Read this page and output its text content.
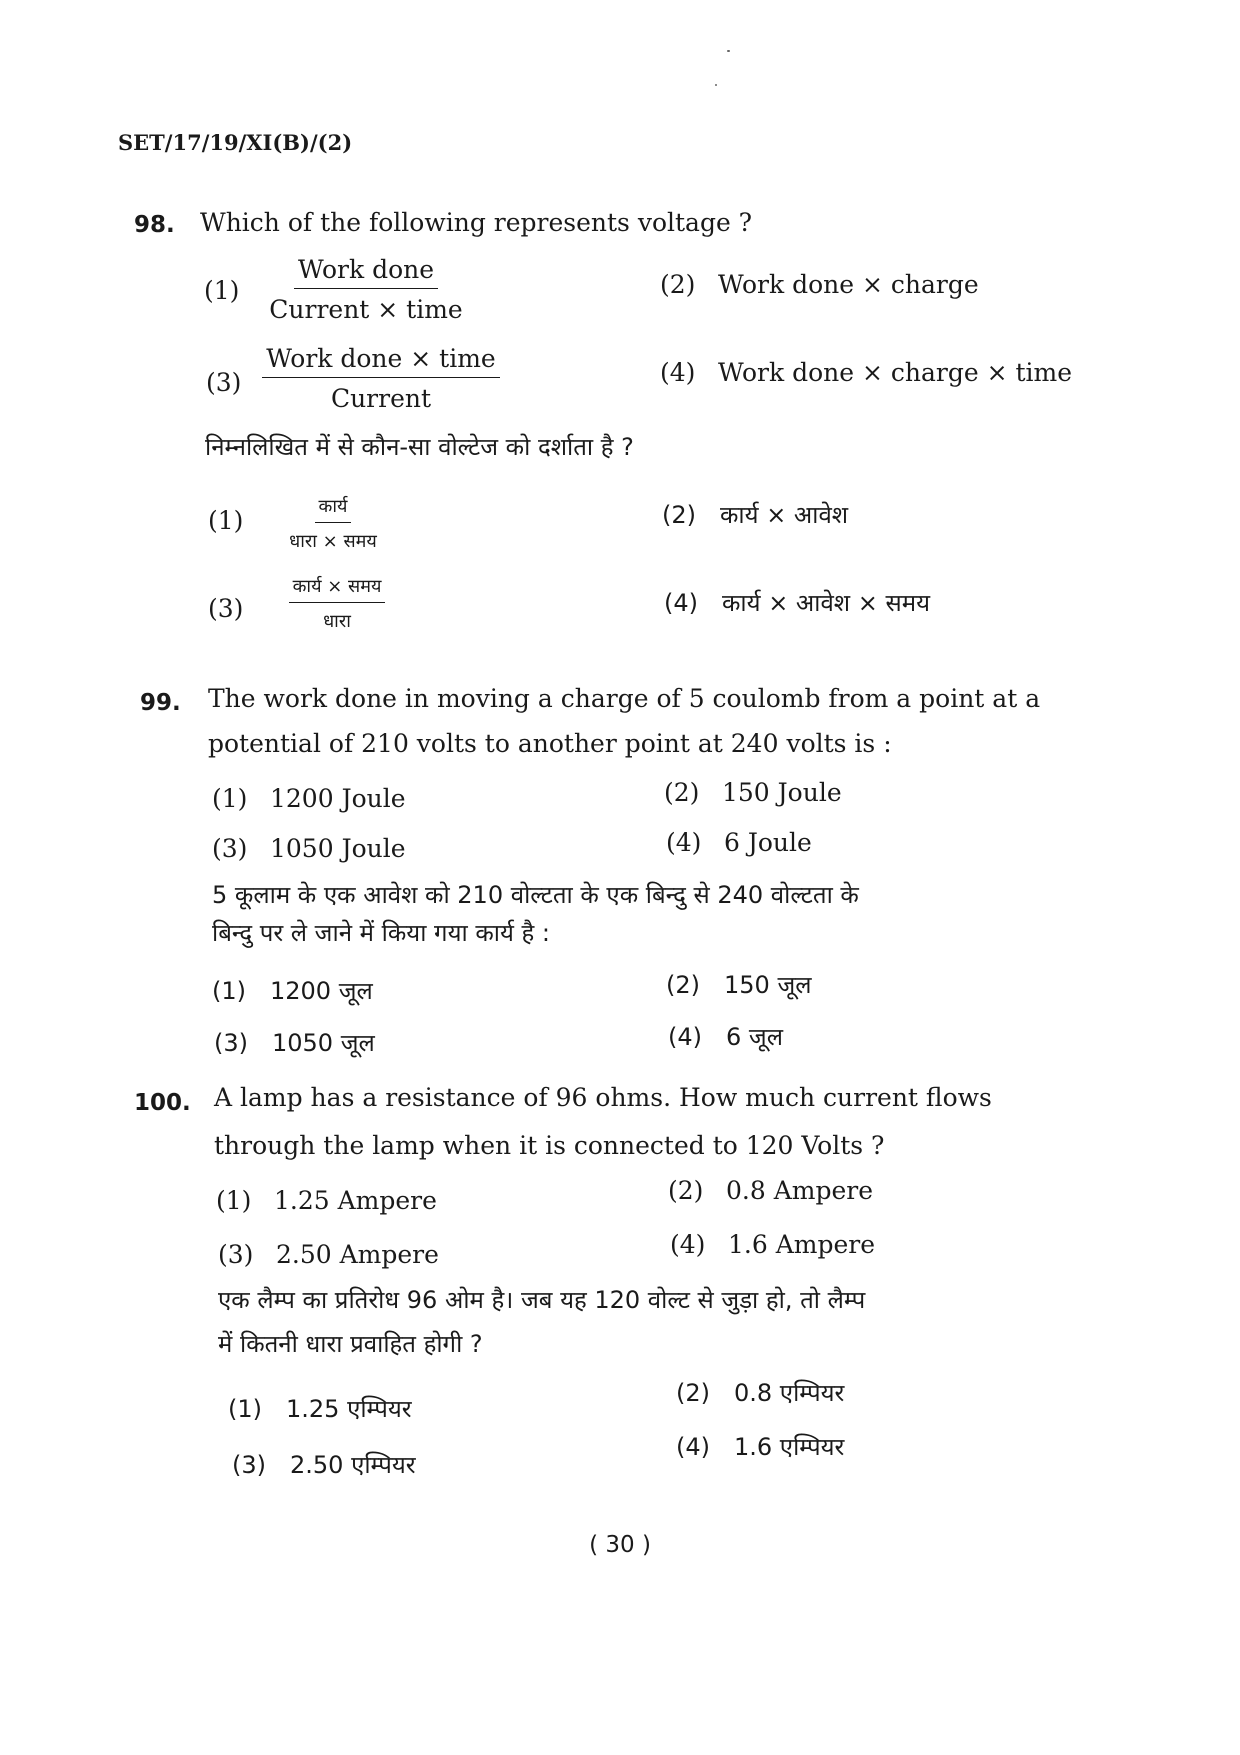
SET/17/19/XI(B)/(2)
98. Which of the following represents voltage ?
(1)
Work done
Current × time
(2) Work done × charge
(3)
Work done × time
Current
(4) Work done × charge × time
निम्नलिखित में से कौन-सा वोल्टेज को दर्शाता है ?
(1)	कार्य
धारा × समय
(2) कार्य × आवेश
(3)
कार्य × समय
धारा
(4) कार्य × आवेश × समय
99. The work done in moving a charge of 5 coulomb from a point at a
potential of 210 volts to another point at 240 volts is :
(1) 1200 Joule	(2) 150 Joule
(3) 1050 Joule	(4) 6 Joule
5 कूलाम के एक आवेश को 210 वोल्टता के एक बिन्दु से 240 वोल्टता के
बिन्दु पर ले जाने में किया गया कार्य है :
(1) 1200 जूल	(2) 150 जूल
(3) 1050 जूल	(4) 6 जूल
100. A lamp has a resistance of 96 ohms. How much current flows
through the lamp when it is connected to 120 Volts ?
(1) 1.25 Ampere	(2) 0.8 Ampere
(3) 2.50 Ampere	(4) 1.6 Ampere
एक लैम्प का प्रतिरोध 96 ओम है। जब यह 120 वोल्ट से जुड़ा हो, तो लैम्प
में कितनी धारा प्रवाहित होगी ?
(1) 1.25 एम्पियर
(2) 0.8 एम्पियर
(3) 2.50 एम्पियर
(4) 1.6 एम्पियर
( 30 )
